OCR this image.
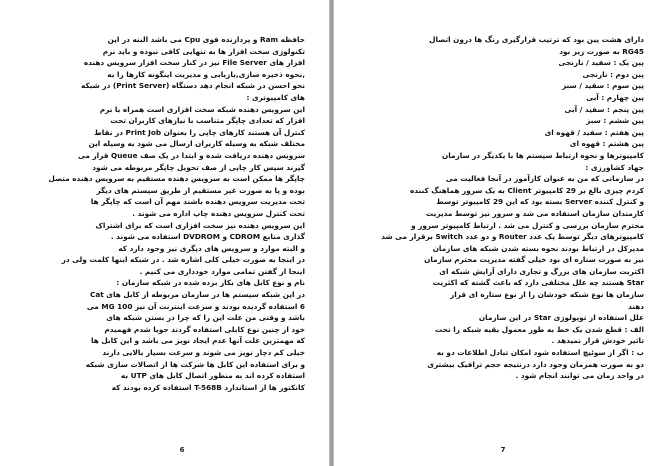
حافظه Ram و پردازنده قوی Cpu می باشد البته در این
تکنولوژی سخت افزار ها به تنهایی کافی نبوده و باید نرم
افزار های File Server نیز در کنار سخت افزار سرویس دهنده
,نحوه ذخیره سازی,بازیابی و مدیریت اینگونه کارها را به
نحو احسن در شبکه انجام دهد دستگاه (Print Server) در شبکه
های کامپیوتری :
این سرویس دهنده شبکه سخت افزاری است همراه با نرم
افزار که تعدادی چاپگر متناسب با نیازهای کاربران تحت
کنترل آن هستند کارهای چاپی را بعنوان Print Job در نقاط
مختلف شبکه به وسیله کاربران ارسال می شود به وسیله این
سرویس دهنده دریافت شده و ابتدا در یک صف Queue قرار می
گیرند سپس کار چاپی از صف تحویل چاپگر مربوطه می شود
چاپگر ها ممکن است به سرویس دهنده مستقیم به سرویس دهنده متصل
بوده و یا به صورت غیر مستقیم از طریق سیستم های دیگر
تحت مدیریت سرویس دهنده باشند مهم آن است که چاپگر ها
تحت کنترل سرویس دهنده چاپ اداره می شوند .
این سرویس دهنده نیز سخت افزاری است که برای اشتراک
گذاری منابع CDROM و DVDROM استفاده می شوند .
و البته موارد و سرویس های دیگری نیز وجود دارد که
در اینجا به صورت خیلی کلی اشاره شد . در شبکه اینها کلمت ولی در
اینجا از گفتن تمامی موارد خودداری می کنیم .
نام و نوع کابل های بکار برده شده در شبکه سازمان :
در این شبکه سیستم ها در سازمان مربوطه از کابل های Cat
6 استفاده گردیده بودند و سرعت اینترنت آن نیز 100 MG می
باشد و وقتی من علت این را که چرا در بستن شبکه های
خود از چنین نوع کابلی استفاده گردند جویا شدم فهمیدم
که مهمترین علت آنها عدم ایجاد نویز می باشد و این کابل ها
خیلی کم دچار نویز می شوند و سرعت بسیار بالایی دارند
و برای استفاده این کابل ها شرکت ها از اتصالات سازی شبکه
استفاده کرده اند به منظور اتصال کابل های UTP به
کانکتور ها از استاندارد T-568B استفاده کرده بودند که
6
دارای هشت پین بود که ترتیب قرارگیری رنگ ها درون اتصال
RG45 به صورت زیر بود
پین یک : سفید / نارنجی
پین دوم : نارنجی
پین سوم : سفید / سبز
پین چهارم : آبی
پین پنجم : سفید / آبی
پین ششم : سبز
پین هفتم : سفید / قهوه ای
پین هشتم : قهوه ای
کامپیوترها و نحوه ارتباط سیستم ها با یکدیگر در سازمان
جهاد کشاورزی :
در سازمانی که من به عنوان کارآموز در آنجا فعالیت می
کردم چیزی بالغ بر 29 کامپیوتر Client به یک سرور هماهنگ کننده
و کنترل کننده Server بسته بود که این 29 کامپیوتر توسط
کارمندان سازمان استفاده می شد و سرور نیز توسط مدیریت
محترم سازمان بررسی و کنترل می شد . ارتباط کامپیوتر سرور و
کامپیوترهای دیگر توسط یک عدد Router و دو عدد Switch برقرار می شد
مدیرکل در ارتباط بودند نحوه بسته شدن شبکه های سازمان
نیز به صورت ستاره ای بود خیلی گفته مدیریت محترم سازمان
اکثریت سازمان های بزرگ و تجاری دارای آرایش شبکه ای
Star هستند چه علل مختلفی دارد که باعث گشته که اکثریت
سازمان ها نوع شبکه خودشان را از نوع ستاره ای قرار
دهند
علل استفاده از توپولوژی Star در این سازمان
الف : قطع شدن یک خط به طور معمول بقیه شبکه را تحت
تاثیر خودش قرار نمیدهد .
ب : اگر از سوئیچ استفاده شود امکان تبادل اطلاعات دو به
دو به صورت همزمان وجود دارد درنتیجه حجم ترافیک بیشتری
در واحد زمان می توانند انجام شود .
7
